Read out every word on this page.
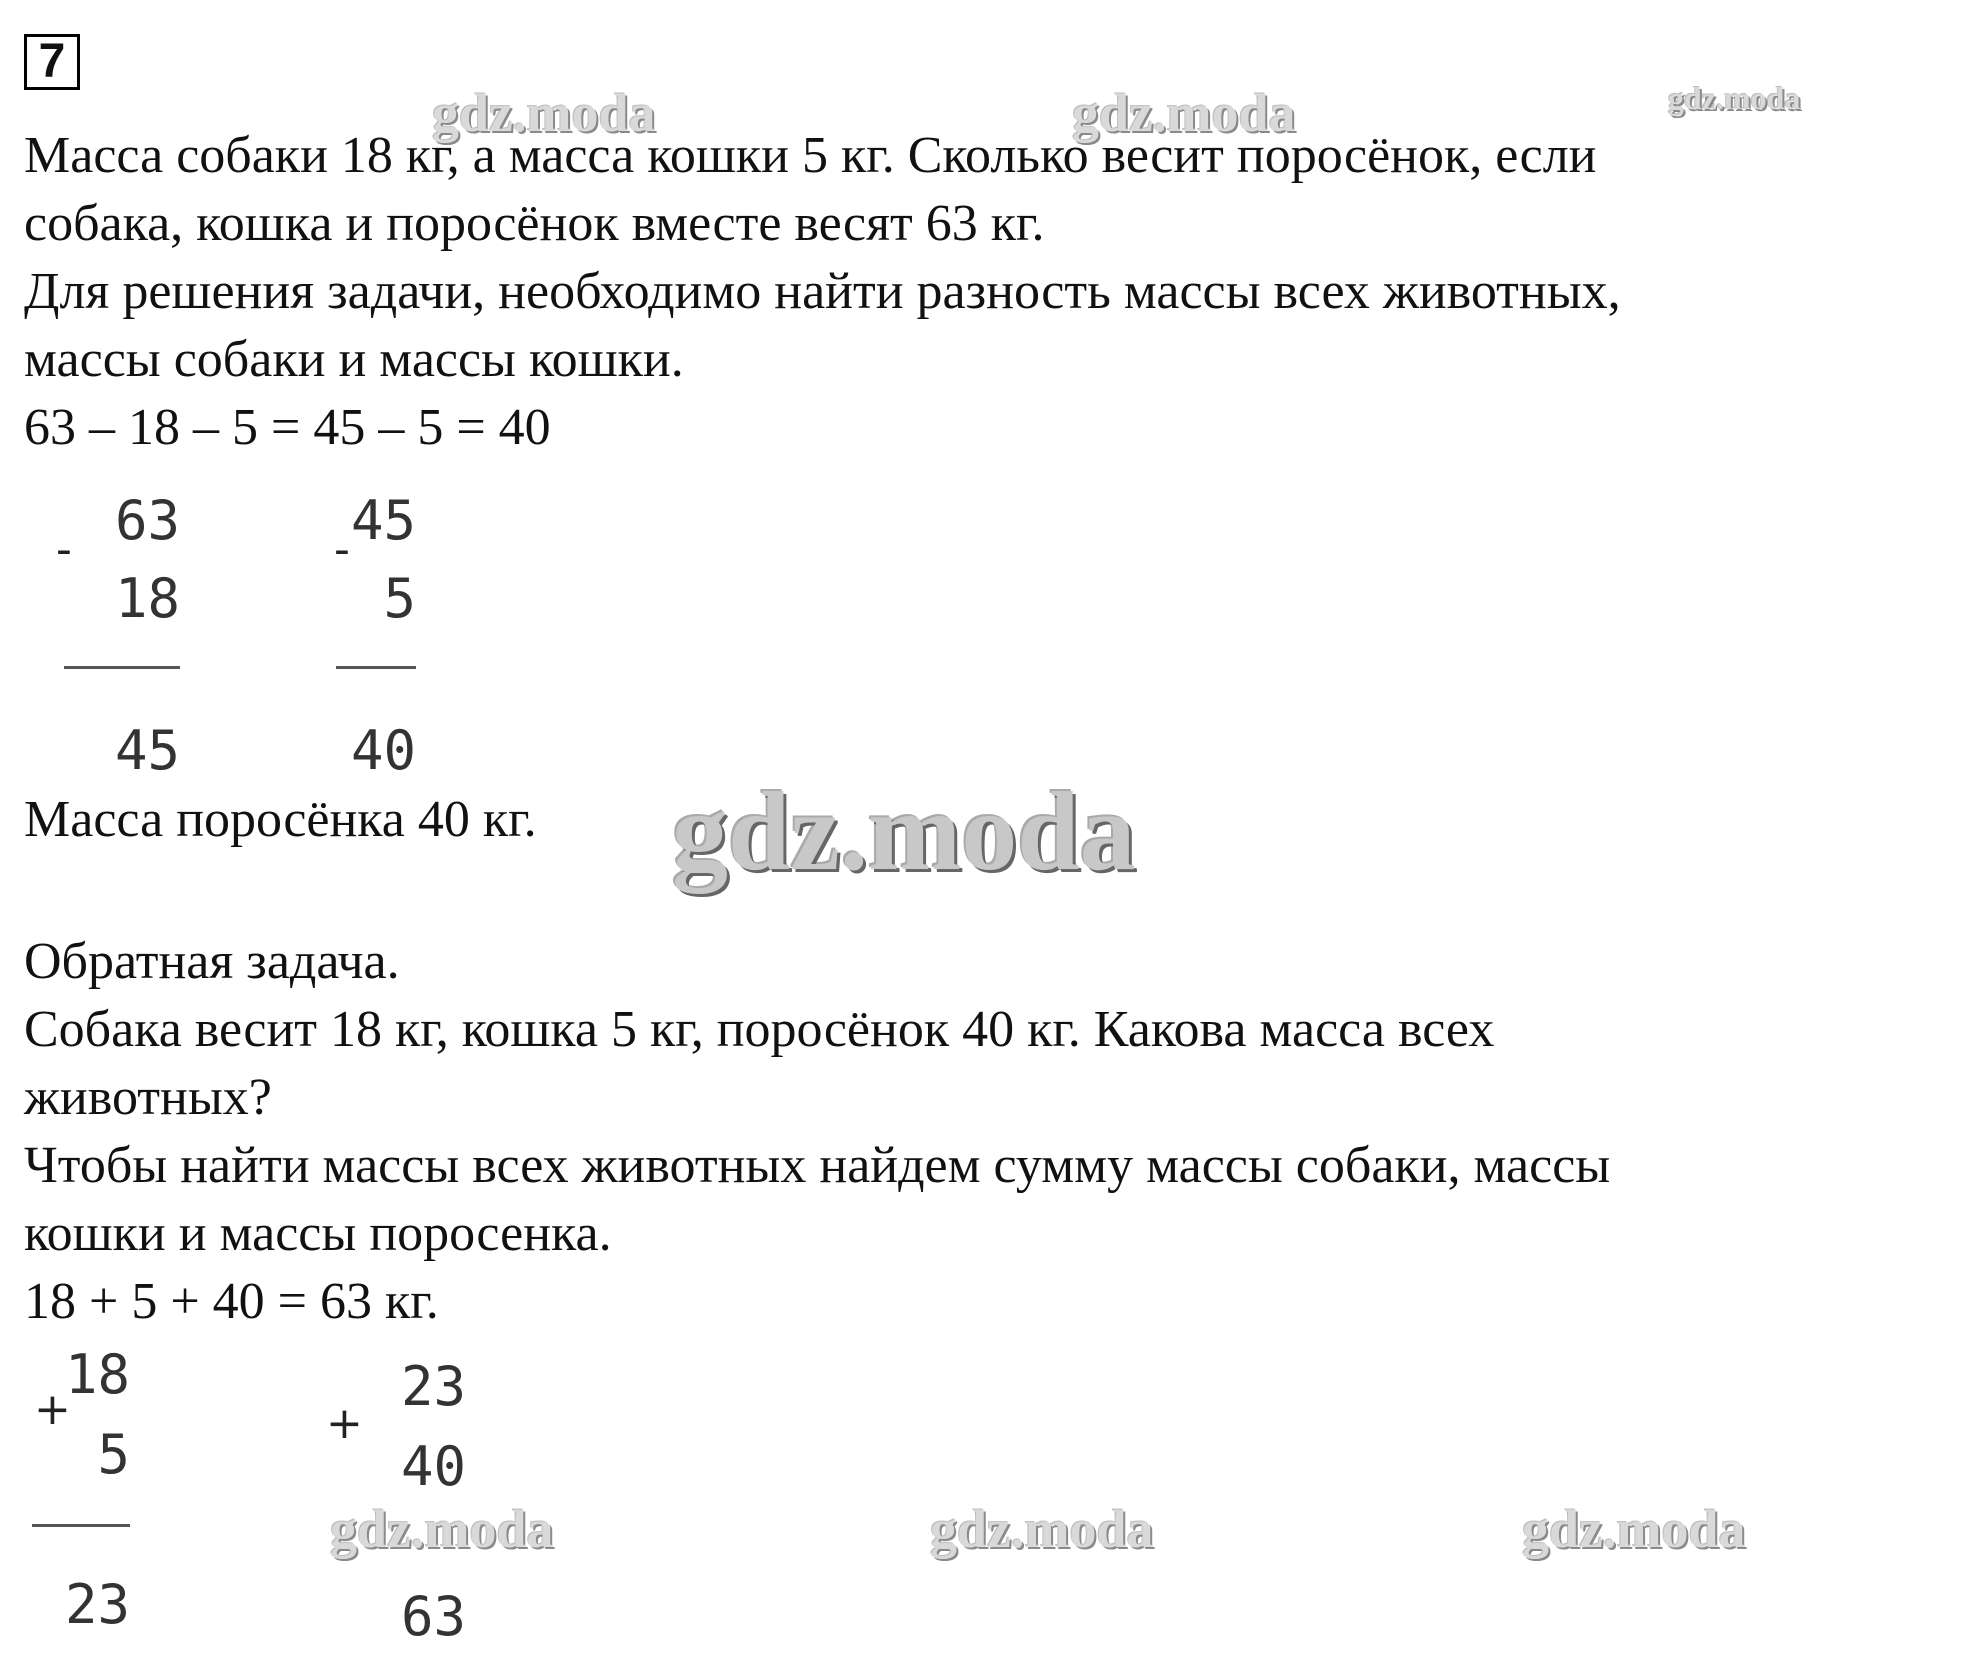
7
gdz.moda	gdz.moda	gdz.moda
gdz.moda
gdz.moda	gdz.moda	gdz.moda

Масса собаки 18 кг, а масса кошки 5 кг. Сколько весит поросёнок, если

собака, кошка и поросёнок вместе весят 63 кг.

Для решения задачи, необходимо найти разность массы всех животных,

массы собаки и массы кошки.

63 – 18 – 5 = 45 – 5 = 40

- 63
18
45
- 45
5
40

Масса поросёнка 40 кг.

Обратная задача.

Собака весит 18 кг, кошка 5 кг, поросёнок 40 кг. Какова масса всех

животных?

Чтобы найти массы всех животных найдем сумму массы собаки, массы

кошки и массы поросенка.

18 + 5 + 40 = 63 кг.

+
18
5
23
+
23
40
63
